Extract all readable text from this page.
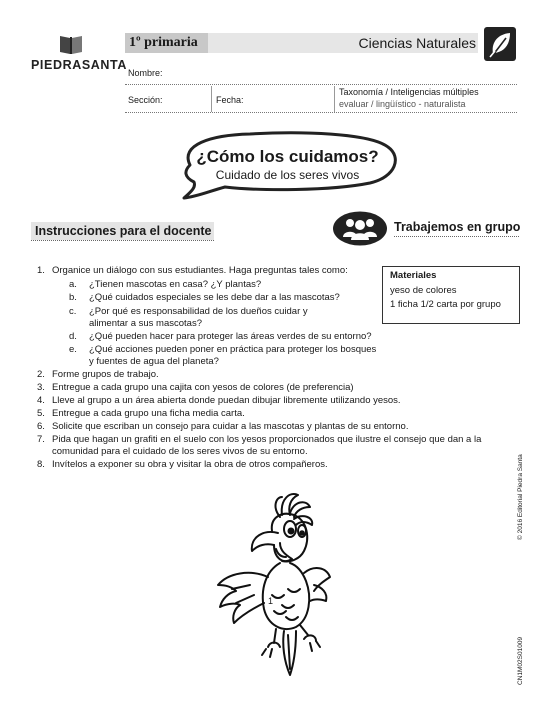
PIEDRASANTA
1º primaria	Ciencias Naturales
Nombre:
Sección:	Fecha:
Taxonomía / Inteligencias múltiples
evaluar / lingüístico - naturalista
¿Cómo los cuidamos?
Cuidado de los seres vivos
Instrucciones para el docente	Trabajemos en grupo
Materiales
yeso de colores
1 ficha 1/2 carta por grupo
1. Organice un diálogo con sus estudiantes. Haga preguntas tales como:
a. ¿Tienen mascotas en casa? ¿Y plantas?
b. ¿Qué cuidados especiales se les debe dar a las mascotas?
c. ¿Por qué es responsabilidad de los dueños cuidar y
alimentar a sus mascotas?
d. ¿Qué pueden hacer para proteger las áreas verdes de su entorno?
e. ¿Qué acciones pueden poner en práctica para proteger los bosques
y fuentes de agua del planeta?
2. Forme grupos de trabajo.
3. Entregue a cada grupo una cajita con yesos de colores (de preferencia)
4. Lleve al grupo a un área abierta donde puedan dibujar libremente utilizando yesos.
5. Entregue a cada grupo una ficha media carta.
6. Solicite que escriban un consejo para cuidar a las mascotas y plantas de su entorno.
7. Pida que hagan un grafiti en el suelo con los yesos proporcionados que ilustre el consejo que dan a la
comunidad para el cuidado de los seres vivos de su entorno.
8. Invítelos a exponer su obra y visitar la obra de otros compañeros.
1
© 2016 Editorial Piedra Santa
CN1M02S01009
